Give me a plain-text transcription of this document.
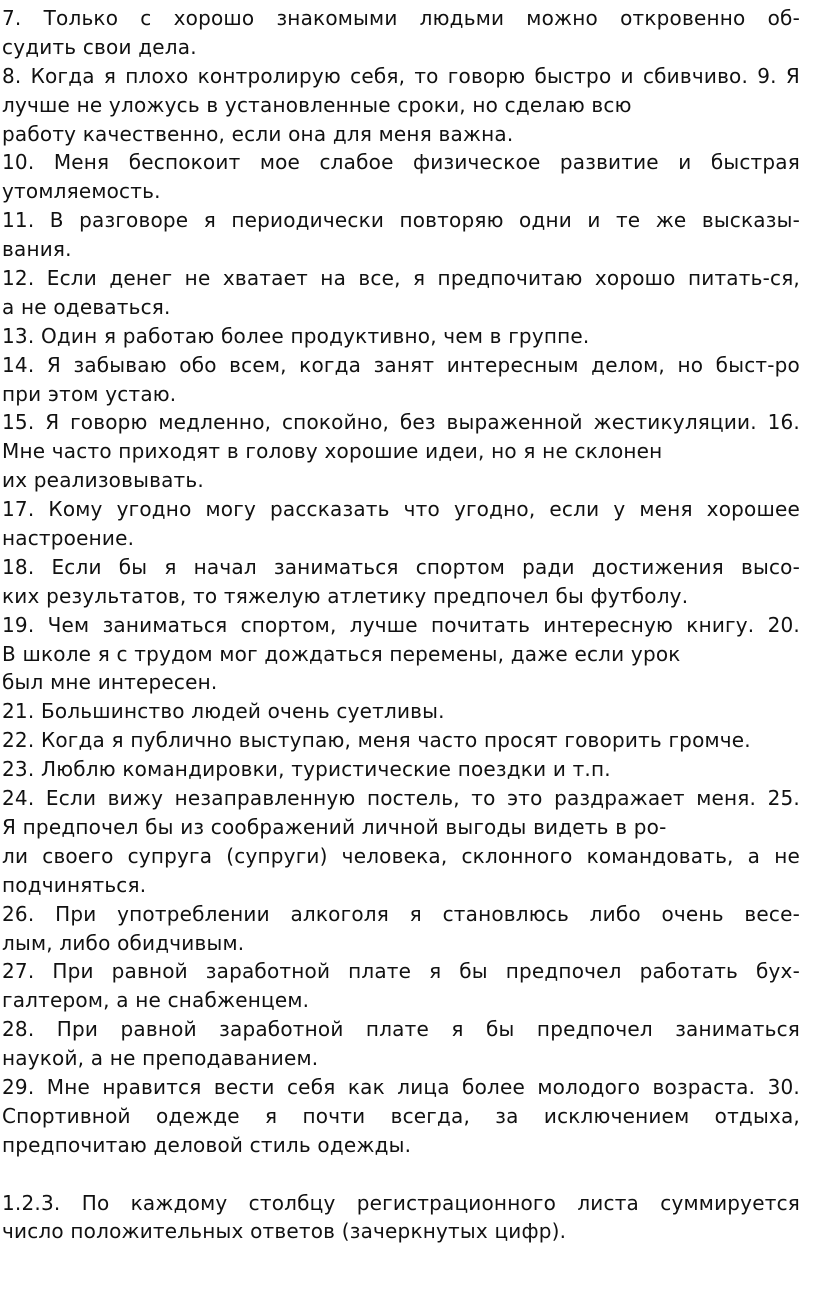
7. Только с хорошо знакомыми людьми можно откровенно об-
судить свои дела.
8. Когда я плохо контролирую себя, то говорю быстро и сбивчиво. 9. Я
лучше не уложусь в установленные сроки, но сделаю всю
работу качественно, если она для меня важна.
10. Меня беспокоит мое слабое физическое развитие и быстрая
утомляемость.
11. В разговоре я периодически повторяю одни и те же высказы-
вания.
12. Если денег не хватает на все, я предпочитаю хорошо питать-ся,
а не одеваться.
13. Один я работаю более продуктивно, чем в группе.
14. Я забываю обо всем, когда занят интересным делом, но быст-ро
при этом устаю.
15. Я говорю медленно, спокойно, без выраженной жестикуляции. 16.
Мне часто приходят в голову хорошие идеи, но я не склонен
их реализовывать.
17. Кому угодно могу рассказать что угодно, если у меня хорошее
настроение.
18. Если бы я начал заниматься спортом ради достижения высо-
ких результатов, то тяжелую атлетику предпочел бы футболу.
19. Чем заниматься спортом, лучше почитать интересную книгу. 20.
В школе я с трудом мог дождаться перемены, даже если урок
был мне интересен.
21. Большинство людей очень суетливы.
22. Когда я публично выступаю, меня часто просят говорить громче.
23. Люблю командировки, туристические поездки и т.п.
24. Если вижу незаправленную постель, то это раздражает меня. 25.
Я предпочел бы из соображений личной выгоды видеть в ро-
ли своего супруга (супруги) человека, склонного командовать, а не
подчиняться.
26. При употреблении алкоголя я становлюсь либо очень весе-
лым, либо обидчивым.
27. При равной заработной плате я бы предпочел работать бух-
галтером, а не снабженцем.
28. При равной заработной плате я бы предпочел заниматься
наукой, а не преподаванием.
29. Мне нравится вести себя как лица более молодого возраста. 30.
Спортивной одежде я почти всегда, за исключением отдыха,
предпочитаю деловой стиль одежды.
1.2.3. По каждому столбцу регистрационного листа суммируется
число положительных ответов (зачеркнутых цифр).
